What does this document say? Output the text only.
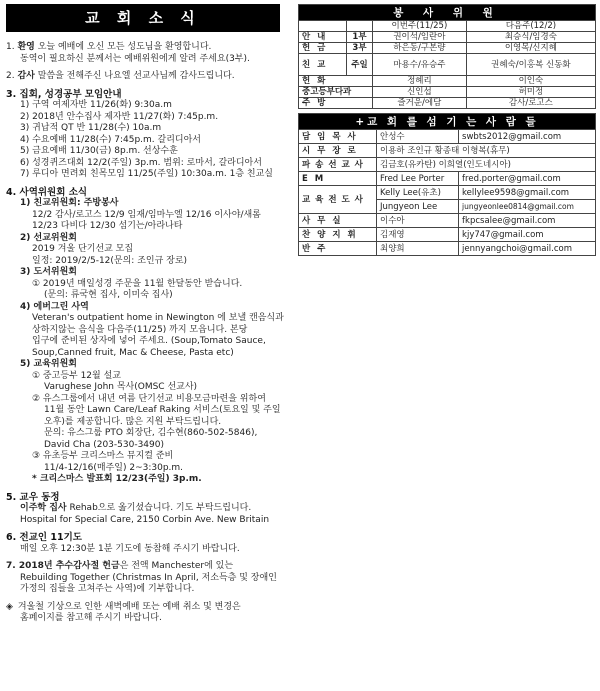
교 회 소 식
1. 환영 오늘 예배에 오신 모든 성도님을 환영합니다.
동역이 필요하신 분께서는 예배위원에게 알려 주세요(3부).
2. 감사 말씀을 전해주신 나요엘 선교사님께 감사드립니다.
3. 집회, 성경공부 모임안내
1) 구역 여제자반 11/26(화) 9:30a.m
2) 2018년 안수집사 제자반 11/27(화) 7:45p.m.
3) 귀납적 QT 반 11/28(수) 10a.m
4) 수요예배 11/28(수) 7:45p.m. 갈리디아서
5) 금요예배 11/30(금) 8p.m. 선상수훈
6) 성경퀴즈대회 12/2(주일) 3p.m. 범위: 로마서, 갈라디아서
7) 루디아 면려회 친목모임 11/25(주일) 10:30a.m. 1층 친교실
4. 사역위원회 소식
1) 친교위원회: 주방봉사
12/2 감사/로고스 12/9 임재/임마누엘 12/16 이사야/새롬
12/23 다비다 12/30 섬기는/아라나타
2) 선교위원회
2019 겨울 단기선교 모집
일정: 2019/2/5-12(문의: 조인규 장로)
3) 도서위원회
① 2019년 매일성경 주문을 11월 한달동안 받습니다.
(문의: 류국현 집사, 이미숙 집사)
4) 에버그린 사역
Veteran's outpatient home in Newington 에 보낼 캔음식과
상하지않는 음식을 다음주(11/25) 까지 모읍니다. 본당
입구에 준비된 상자에 넣어 주세요. (Soup,Tomato Sauce,
Soup,Canned fruit, Mac & Cheese, Pasta etc)
5) 교육위원회
① 중고등부 12월 설교
Varughese John 목사(OMSC 선교사)
② 유스그룹에서 내년 여름 단기선교 비용모금마련을 위하여
11월 동안 Lawn Care/Leaf Raking 서비스(토요일 및 주일
오후)를 제공합니다. 많은 지원 부탁드립니다.
문의: 유스그룹 PTO 회장단, 김수현(860-502-5846),
David Cha (203-530-3490)
③ 유초등부 크리스마스 뮤지컬 준비
11/4-12/16(매주일) 2~3:30p.m.
* 크리스마스 발표회 12/23(주일) 3p.m.
5. 교우 동정
이주학 집사 Rehab으로 옮기셨습니다. 기도 부탁드립니다.
Hospital for Special Care, 2150 Corbin Ave. New Britain
6. 전교인 11기도
매일 오후 12:30분 1분 기도에 동참해 주시기 바랍니다.
7. 2018년 추수감사절 헌금은 전액 Manchester에 있는
Rebuilding Together (Christmas In April, 저소득층 및 장애인
가정의 집들을 고쳐주는 사역)에 기부합니다.
◈ 겨울철 기상으로 인한 새벽예배 또는 예배 취소 및 변경은
홈페이지를 참고해 주시기 바랍니다.
봉 사 위 원			
		이번주(11/25)	다음주(12/2)
안 내	1부	권이석/임란아	최승식/임경숙
헌 금	3부	하은동/구본량	이영목/신지혜
친 교	주일	마용수/유승주	권혜숙/이홍복 신동화
헌 화		정혜리	이인숙
중고등부다과		신인섭	허미정
주 방		즐거운/에담	감사/로고스
+교 회 를 섬 기 는 사 람 들		
담 임 목 사	안성수	swbts2012@gmail.com
시 무 장 로	이용하 조인규 황종태 이형복(휴무)	
파 송 선 교 사	김금호(유카탄) 이희열(인도네시아)	
E M	Fred Lee Porter	fred.porter@gmail.com
교 육 전 도 사	Kelly Lee(유초)	kellylee9598@gmail.com
	Jungyeon Lee	jungyeonlee0814@gmail.com
사 무 실	이수아	fkpcsalee@gmail.com
찬 양 지 휘	김재영	kjy747@gmail.com
반 주	최양희	jennyangchoi@gmail.com
